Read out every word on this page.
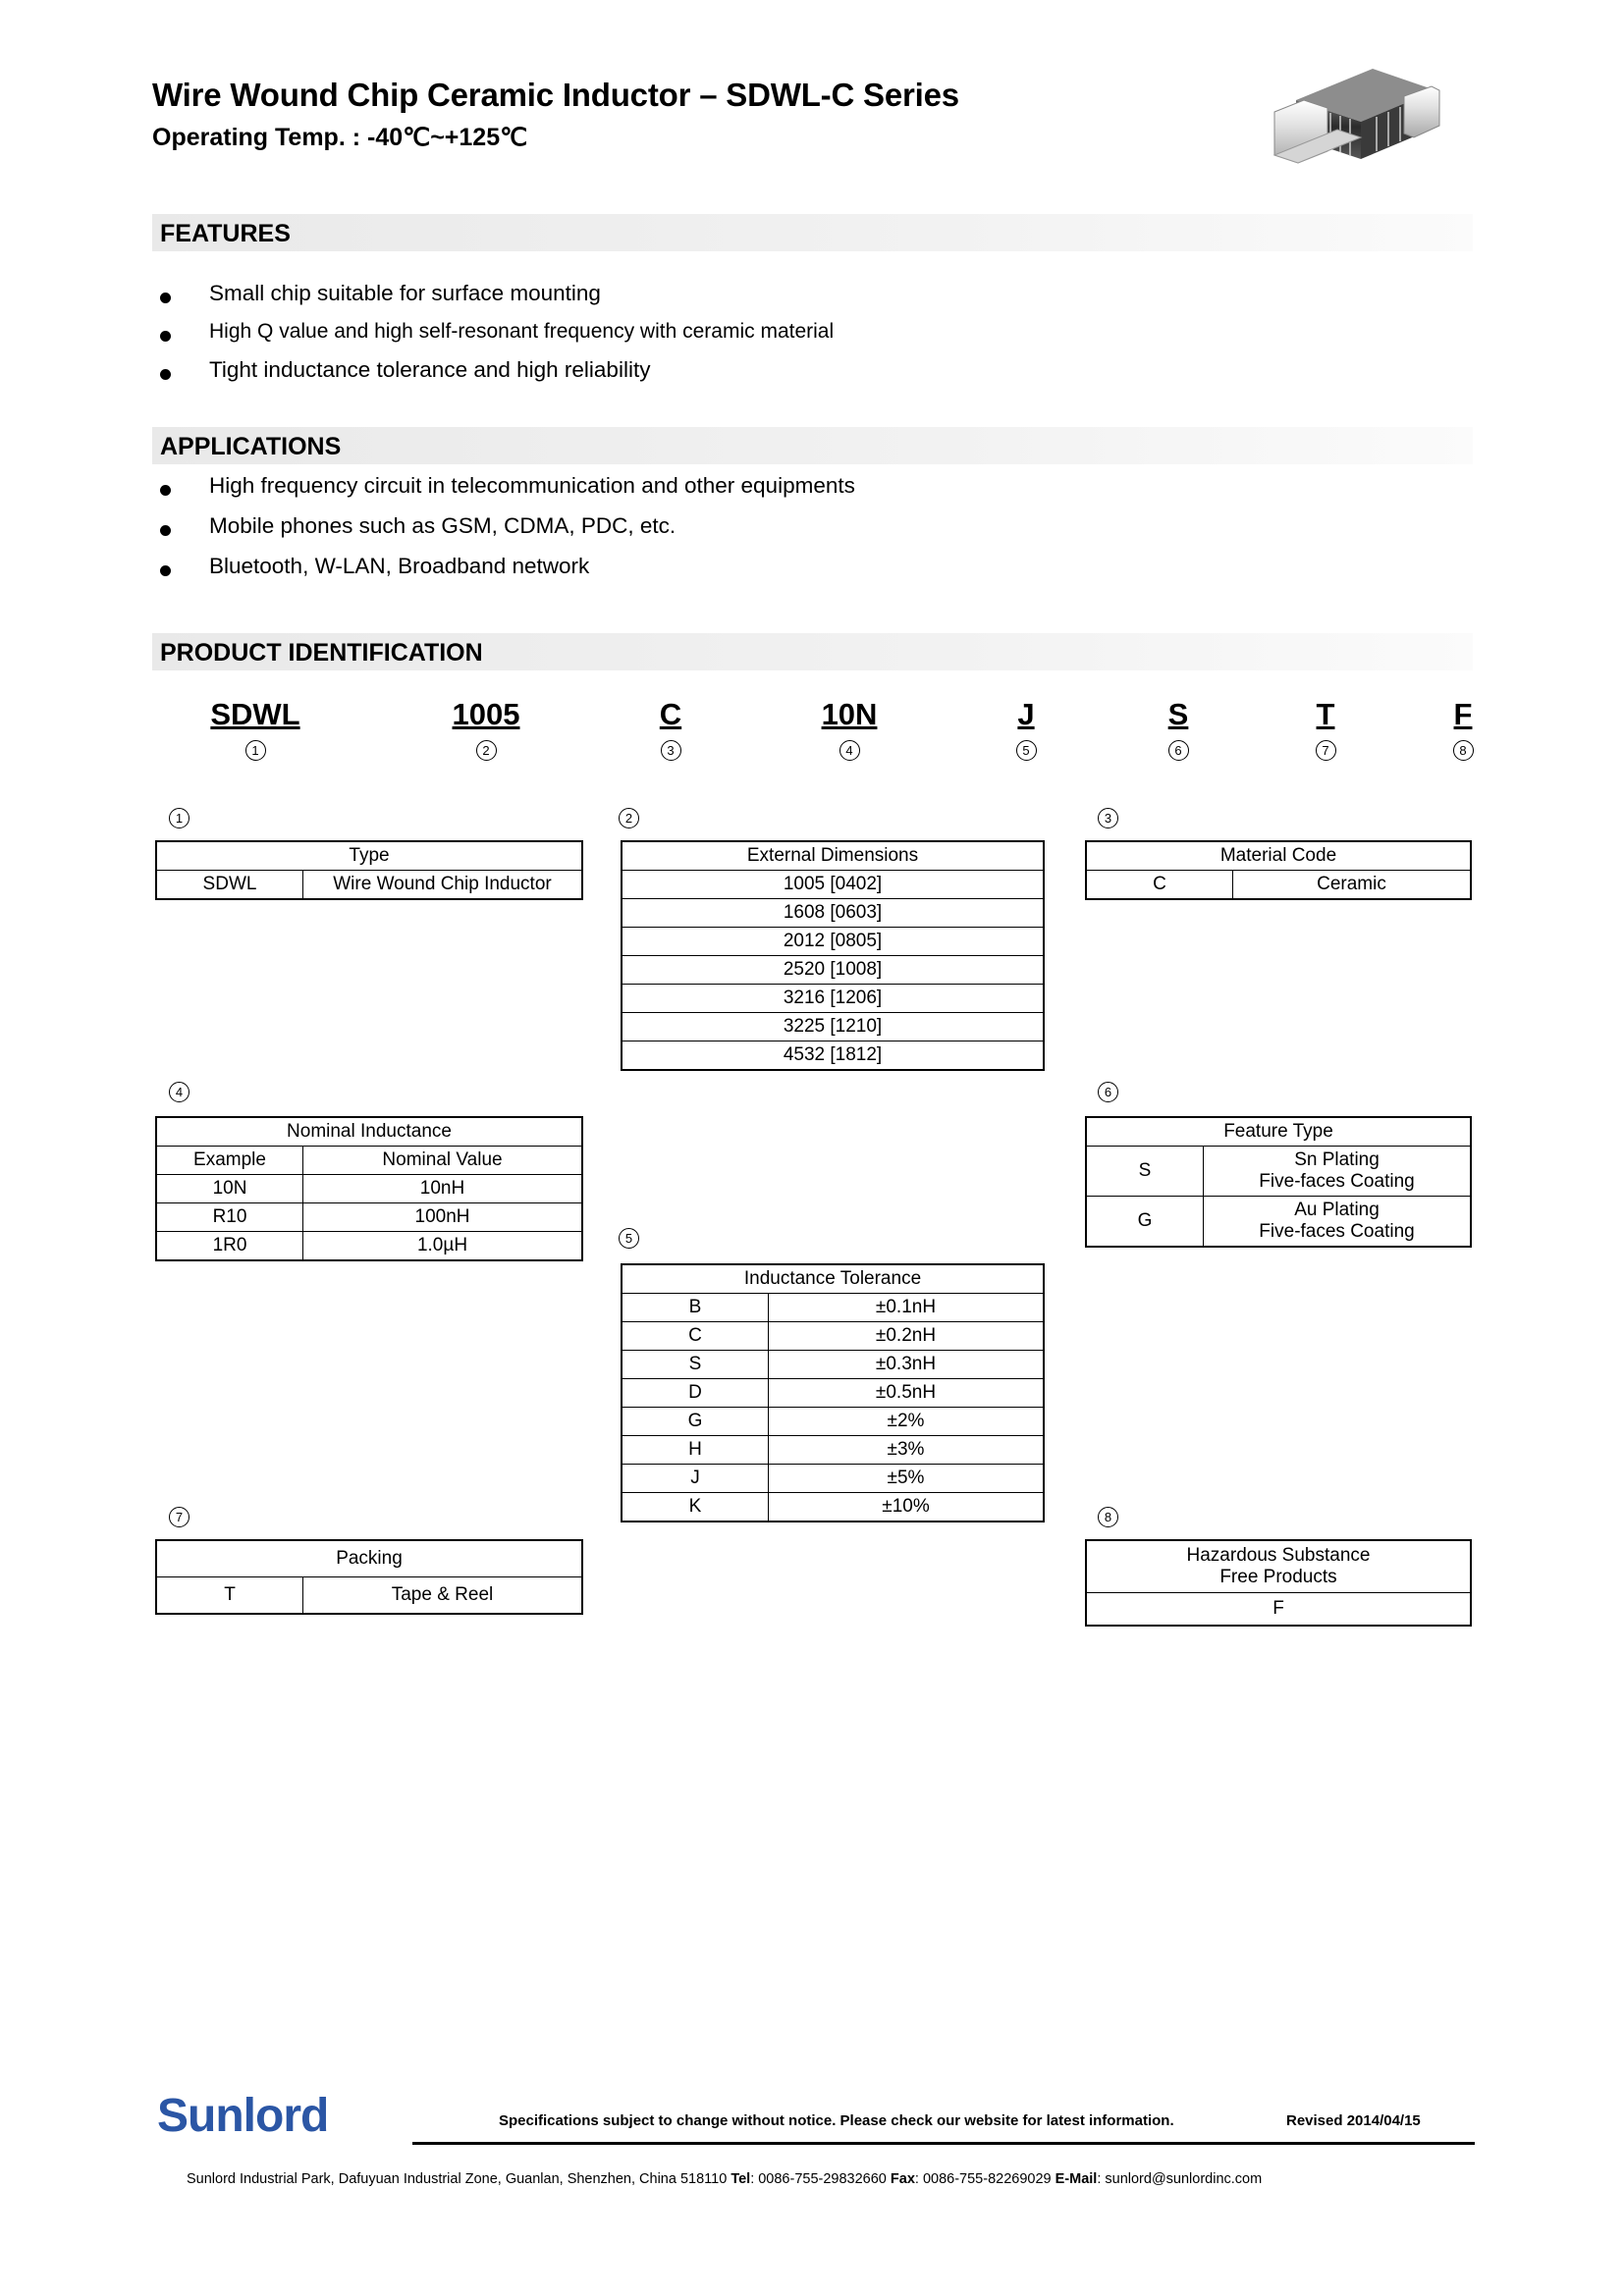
Wire Wound Chip Ceramic Inductor – SDWL-C Series
Operating Temp. : -40℃~+125℃
FEATURES
Small chip suitable for surface mounting
High Q value and high self-resonant frequency with ceramic material
Tight inductance tolerance and high reliability
APPLICATIONS
High frequency circuit in telecommunication and other equipments
Mobile phones such as GSM, CDMA, PDC, etc.
Bluetooth, W-LAN, Broadband network
PRODUCT IDENTIFICATION
SDWL
1
1005
2
C
3
10N
4
J
5
S
6
T
7
F
8
1
Type
SDWL	Wire Wound Chip Inductor
2
External Dimensions
1005 [0402]
1608 [0603]
2012 [0805]
2520 [1008]
3216 [1206]
3225 [1210]
4532 [1812]
3
Material Code
C	Ceramic
4
Nominal Inductance	
Example	Nominal Value
10N	10nH
R10	100nH
1R0	1.0µH
6
Feature Type	
S	Sn Plating
Five-faces Coating

G	Au Plating
Five-faces Coating
5
Inductance Tolerance	
B	±0.1nH
C	±0.2nH
S	±0.3nH
D	±0.5nH
G	±2%
H	±3%
J	±5%
K	±10%
7
Packing
T	Tape & Reel
8
Hazardous Substance
Free Products

F
Sunlord	Specifications subject to change without notice. Please check our website for latest information.	Revised 2014/04/15
Sunlord Industrial Park, Dafuyuan Industrial Zone, Guanlan, Shenzhen, China 518110 Tel: 0086-755-29832660 Fax: 0086-755-82269029 E-Mail: sunlord@sunlordinc.com
